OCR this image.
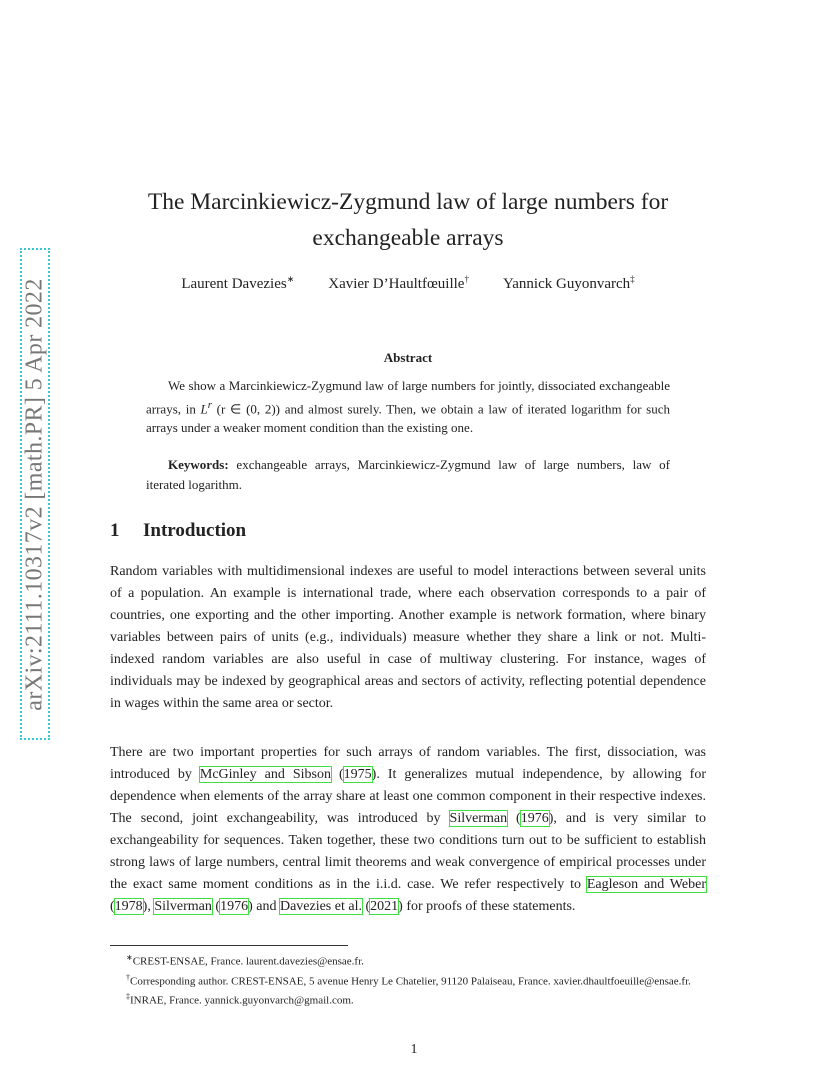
arXiv:2111.10317v2 [math.PR] 5 Apr 2022
The Marcinkiewicz-Zygmund law of large numbers for
exchangeable arrays
Laurent Davezies∗ Xavier D’Haultfœuille† Yannick Guyonvarch‡
Abstract
We show a Marcinkiewicz-Zygmund law of large numbers for jointly, dissociated exchangeable arrays, in $L^r$ (r ∈ (0, 2)) and almost surely. Then, we obtain a law of iterated logarithm for such arrays under a weaker moment condition than the existing one.
Keywords: exchangeable arrays, Marcinkiewicz-Zygmund law of large numbers, law of iterated logarithm.
1 Introduction

Random variables with multidimensional indexes are useful to model interactions between several units of a population. An example is international trade, where each observation corresponds to a pair of countries, one exporting and the other importing. Another example is network formation, where binary variables between pairs of units (e.g., individuals) measure whether they share a link or not. Multi-indexed random variables are also useful in case of multiway clustering. For instance, wages of individuals may be indexed by geographical areas and sectors of activity, reflecting potential dependence in wages within the same area or sector.

There are two important properties for such arrays of random variables. The first, dissociation, was introduced by McGinley and Sibson (1975). It generalizes mutual independence, by allowing for dependence when elements of the array share at least one common component in their respective indexes. The second, joint exchangeability, was introduced by Silverman (1976), and is very similar to exchangeability for sequences. Taken together, these two conditions turn out to be sufficient to establish strong laws of large numbers, central limit theorems and weak convergence of empirical processes under the exact same moment conditions as in the i.i.d. case. We refer respectively to Eagleson and Weber (1978), Silverman (1976) and Davezies et al. (2021) for proofs of these statements.

∗CREST-ENSAE, France. laurent.davezies@ensae.fr.

†Corresponding author. CREST-ENSAE, 5 avenue Henry Le Chatelier, 91120 Palaiseau, France. xavier.dhaultfoeuille@ensae.fr.

‡INRAE, France. yannick.guyonvarch@gmail.com.

1
